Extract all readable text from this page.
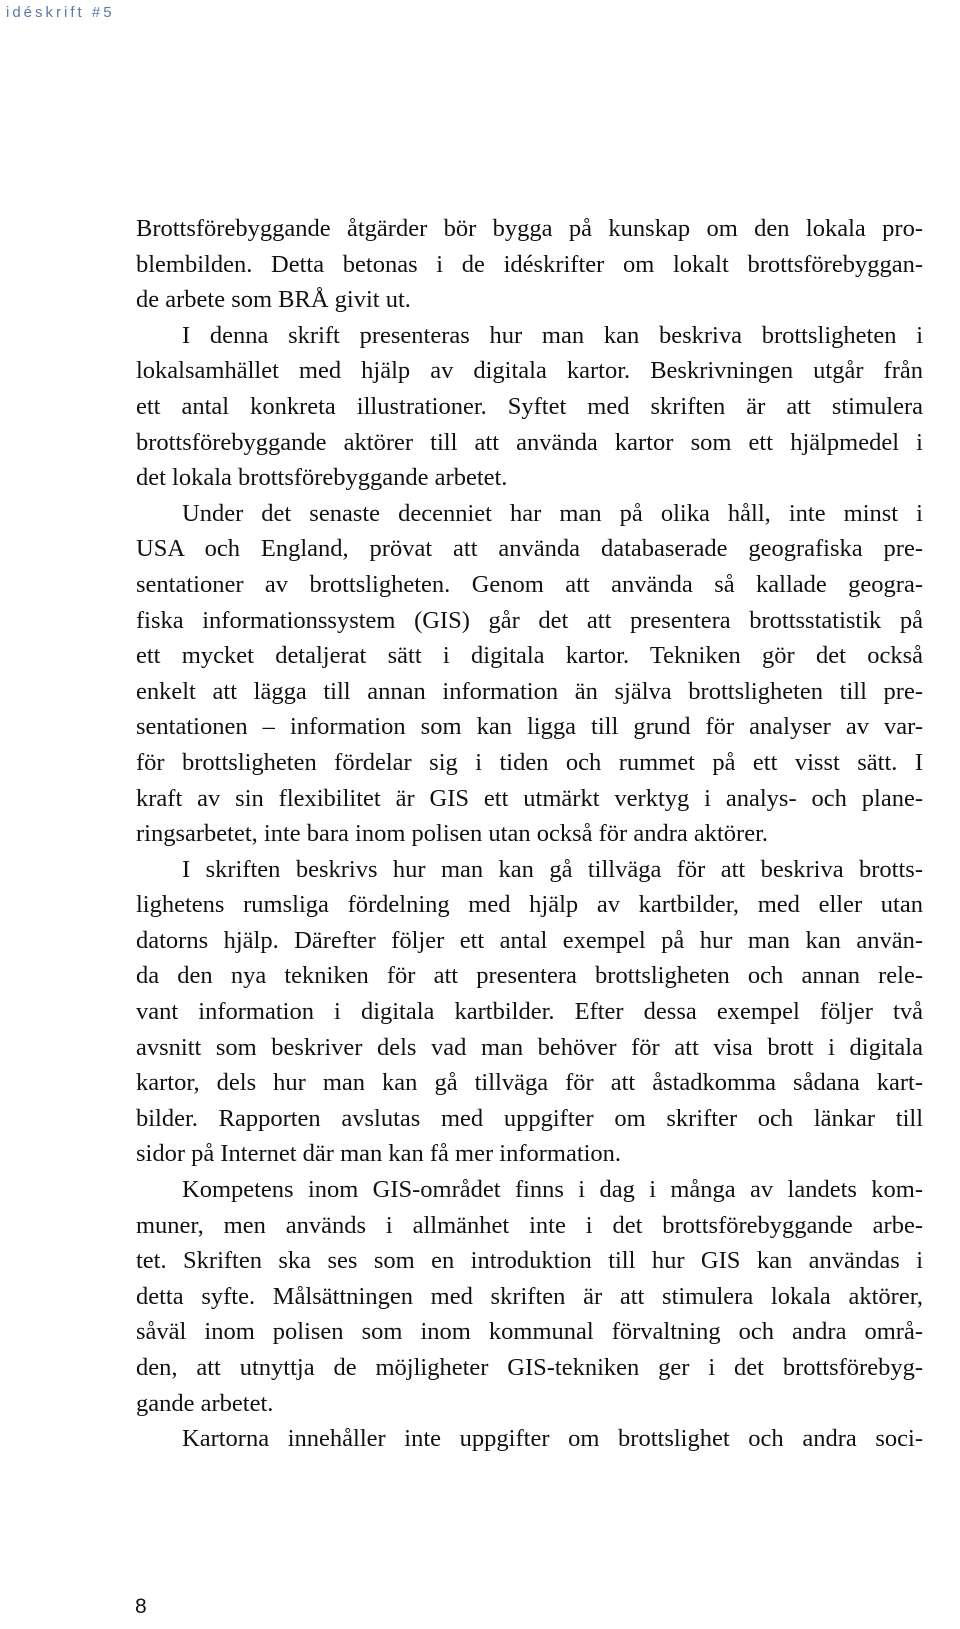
idéskrift #5
Brottsförebyggande åtgärder bör bygga på kunskap om den lokala pro-
blembilden. Detta betonas i de idéskrifter om lokalt brottsförebyggan-
de arbete som BRÅ givit ut.
I denna skrift presenteras hur man kan beskriva brottsligheten i
lokalsamhället med hjälp av digitala kartor. Beskrivningen utgår från
ett antal konkreta illustrationer. Syftet med skriften är att stimulera
brottsförebyggande aktörer till att använda kartor som ett hjälpmedel i
det lokala brottsförebyggande arbetet.
Under det senaste decenniet har man på olika håll, inte minst i
USA och England, prövat att använda databaserade geografiska pre-
sentationer av brottsligheten. Genom att använda så kallade geogra-
fiska informationssystem (GIS) går det att presentera brottsstatistik på
ett mycket detaljerat sätt i digitala kartor. Tekniken gör det också
enkelt att lägga till annan information än själva brottsligheten till pre-
sentationen – information som kan ligga till grund för analyser av var-
för brottsligheten fördelar sig i tiden och rummet på ett visst sätt. I
kraft av sin flexibilitet är GIS ett utmärkt verktyg i analys- och plane-
ringsarbetet, inte bara inom polisen utan också för andra aktörer.
I skriften beskrivs hur man kan gå tillväga för att beskriva brotts-
lighetens rumsliga fördelning med hjälp av kartbilder, med eller utan
datorns hjälp. Därefter följer ett antal exempel på hur man kan använ-
da den nya tekniken för att presentera brottsligheten och annan rele-
vant information i digitala kartbilder. Efter dessa exempel följer två
avsnitt som beskriver dels vad man behöver för att visa brott i digitala
kartor, dels hur man kan gå tillväga för att åstadkomma sådana kart-
bilder. Rapporten avslutas med uppgifter om skrifter och länkar till
sidor på Internet där man kan få mer information.
Kompetens inom GIS-området finns i dag i många av landets kom-
muner, men används i allmänhet inte i det brottsförebyggande arbe-
tet. Skriften ska ses som en introduktion till hur GIS kan användas i
detta syfte. Målsättningen med skriften är att stimulera lokala aktörer,
såväl inom polisen som inom kommunal förvaltning och andra områ-
den, att utnyttja de möjligheter GIS-tekniken ger i det brottsförebyg-
gande arbetet.
Kartorna innehåller inte uppgifter om brottslighet och andra soci-
8
